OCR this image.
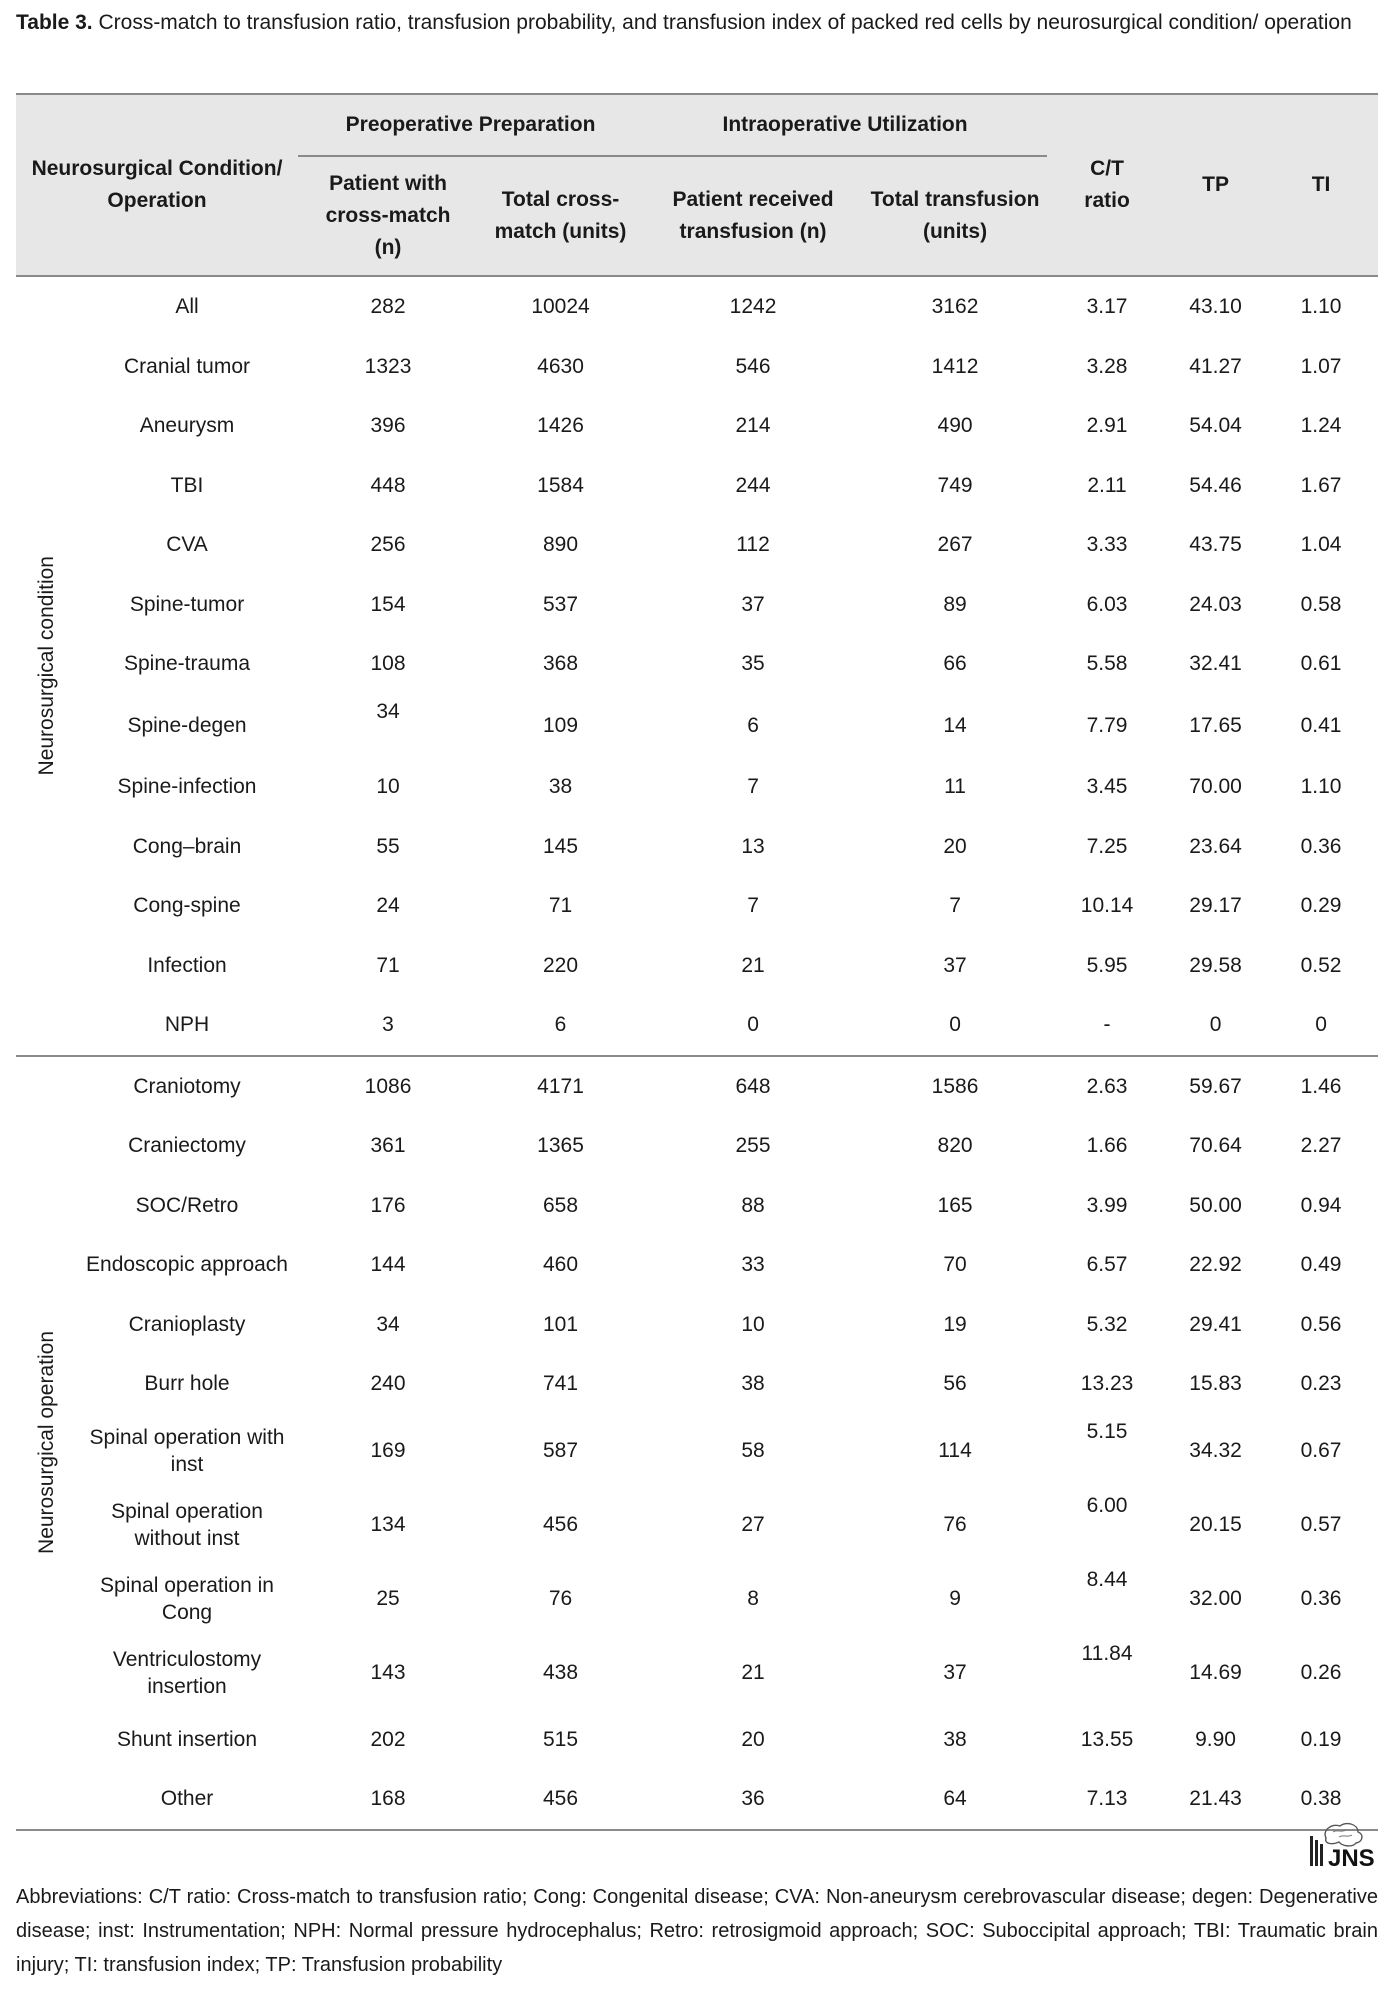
Table 3. Cross-match to transfusion ratio, transfusion probability, and transfusion index of packed red cells by neurosurgical condition/ operation
Neurosurgical Condition/ Operation		Preoperative Preparation		Intraoperative Utilization		C/T ratio	TP	TI
		Patient with cross-match (n)	Total cross-match (units)	Patient received transfusion (n)	Total transfusion (units)			

Neurosurgical condition	All	282	10024	1242	3162	3.17	43.10	1.10
	Cranial tumor	1323	4630	546	1412	3.28	41.27	1.07
	Aneurysm	396	1426	214	490	2.91	54.04	1.24
	TBI	448	1584	244	749	2.11	54.46	1.67
	CVA	256	890	112	267	3.33	43.75	1.04
	Spine-tumor	154	537	37	89	6.03	24.03	0.58
	Spine-trauma	108	368	35	66	5.58	32.41	0.61
	Spine-degen	34	109	6	14	7.79	17.65	0.41
	Spine-infection	10	38	7	11	3.45	70.00	1.10
	Cong–brain	55	145	13	20	7.25	23.64	0.36
	Cong-spine	24	71	7	7	10.14	29.17	0.29
	Infection	71	220	21	37	5.95	29.58	0.52
	NPH	3	6	0	0	-	0	0

Neurosurgical operation	Craniotomy	1086	4171	648	1586	2.63	59.67	1.46
	Craniectomy	361	1365	255	820	1.66	70.64	2.27
	SOC/Retro	176	658	88	165	3.99	50.00	0.94
	Endoscopic approach	144	460	33	70	6.57	22.92	0.49
	Cranioplasty	34	101	10	19	5.32	29.41	0.56
	Burr hole	240	741	38	56	13.23	15.83	0.23
	Spinal operation with inst	169	587	58	114	5.15	34.32	0.67
	Spinal operation without inst	134	456	27	76	6.00	20.15	0.57
	Spinal operation in Cong	25	76	8	9	8.44	32.00	0.36
	Ventriculostomy insertion	143	438	21	37	11.84	14.69	0.26
	Shunt insertion	202	515	20	38	13.55	9.90	0.19
	Other	168	456	36	64	7.13	21.43	0.38
JNS
Abbreviations: C/T ratio: Cross-match to transfusion ratio; Cong: Congenital disease; CVA: Non-aneurysm cerebrovascular disease; degen: Degenerative disease; inst: Instrumentation; NPH: Normal pressure hydrocephalus; Retro: retrosigmoid approach; SOC: Suboccipital approach; TBI: Traumatic brain injury; TI: transfusion index; TP: Transfusion probability
